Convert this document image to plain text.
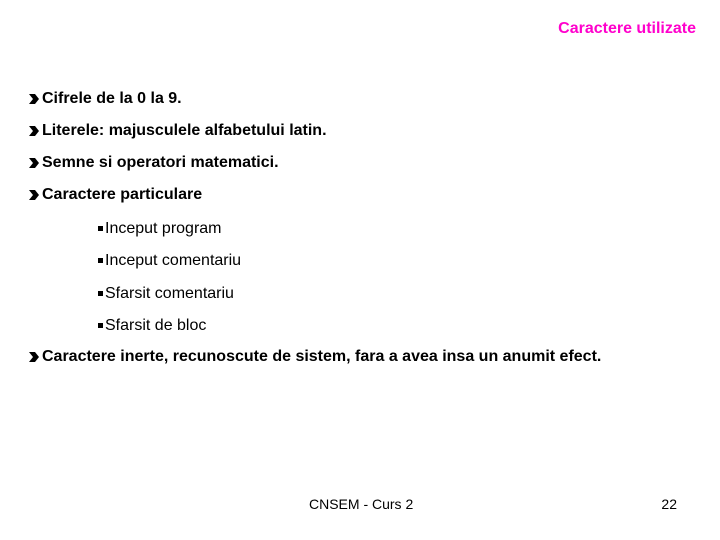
Caractere utilizate
Cifrele de la 0 la 9.
Literele: majusculele alfabetului latin.
Semne si operatori matematici.
Caractere particulare
Inceput program
Inceput comentariu
Sfarsit comentariu
Sfarsit de bloc
Caractere inerte, recunoscute de sistem, fara a avea insa un anumit efect.
CNSEM - Curs 2	22
